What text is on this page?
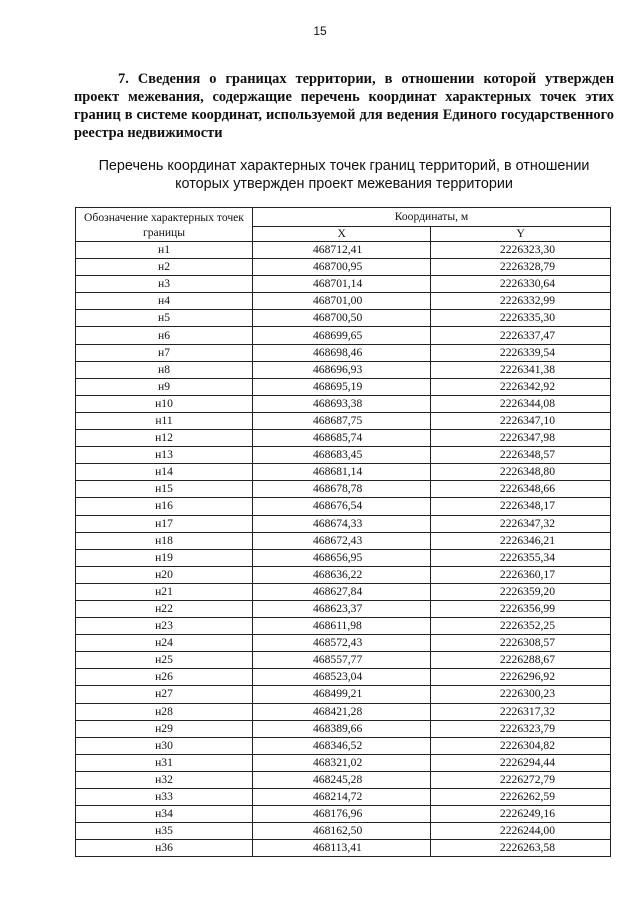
15

7. Сведения о границах территории, в отношении которой утвержден проект межевания, содержащие перечень координат характерных точек этих границ в системе координат, используемой для ведения Единого государственного реестра недвижимости

Перечень координат характерных точек границ территорий, в отношении которых утвержден проект межевания территории

Обозначение характерных точек границы	Координаты, м	
	X	Y
н1	468712,41	2226323,30
н2	468700,95	2226328,79
н3	468701,14	2226330,64
н4	468701,00	2226332,99
н5	468700,50	2226335,30
н6	468699,65	2226337,47
н7	468698,46	2226339,54
н8	468696,93	2226341,38
н9	468695,19	2226342,92
н10	468693,38	2226344,08
н11	468687,75	2226347,10
н12	468685,74	2226347,98
н13	468683,45	2226348,57
н14	468681,14	2226348,80
н15	468678,78	2226348,66
н16	468676,54	2226348,17
н17	468674,33	2226347,32
н18	468672,43	2226346,21
н19	468656,95	2226355,34
н20	468636,22	2226360,17
н21	468627,84	2226359,20
н22	468623,37	2226356,99
н23	468611,98	2226352,25
н24	468572,43	2226308,57
н25	468557,77	2226288,67
н26	468523,04	2226296,92
н27	468499,21	2226300,23
н28	468421,28	2226317,32
н29	468389,66	2226323,79
н30	468346,52	2226304,82
н31	468321,02	2226294,44
н32	468245,28	2226272,79
н33	468214,72	2226262,59
н34	468176,96	2226249,16
н35	468162,50	2226244,00
н36	468113,41	2226263,58
